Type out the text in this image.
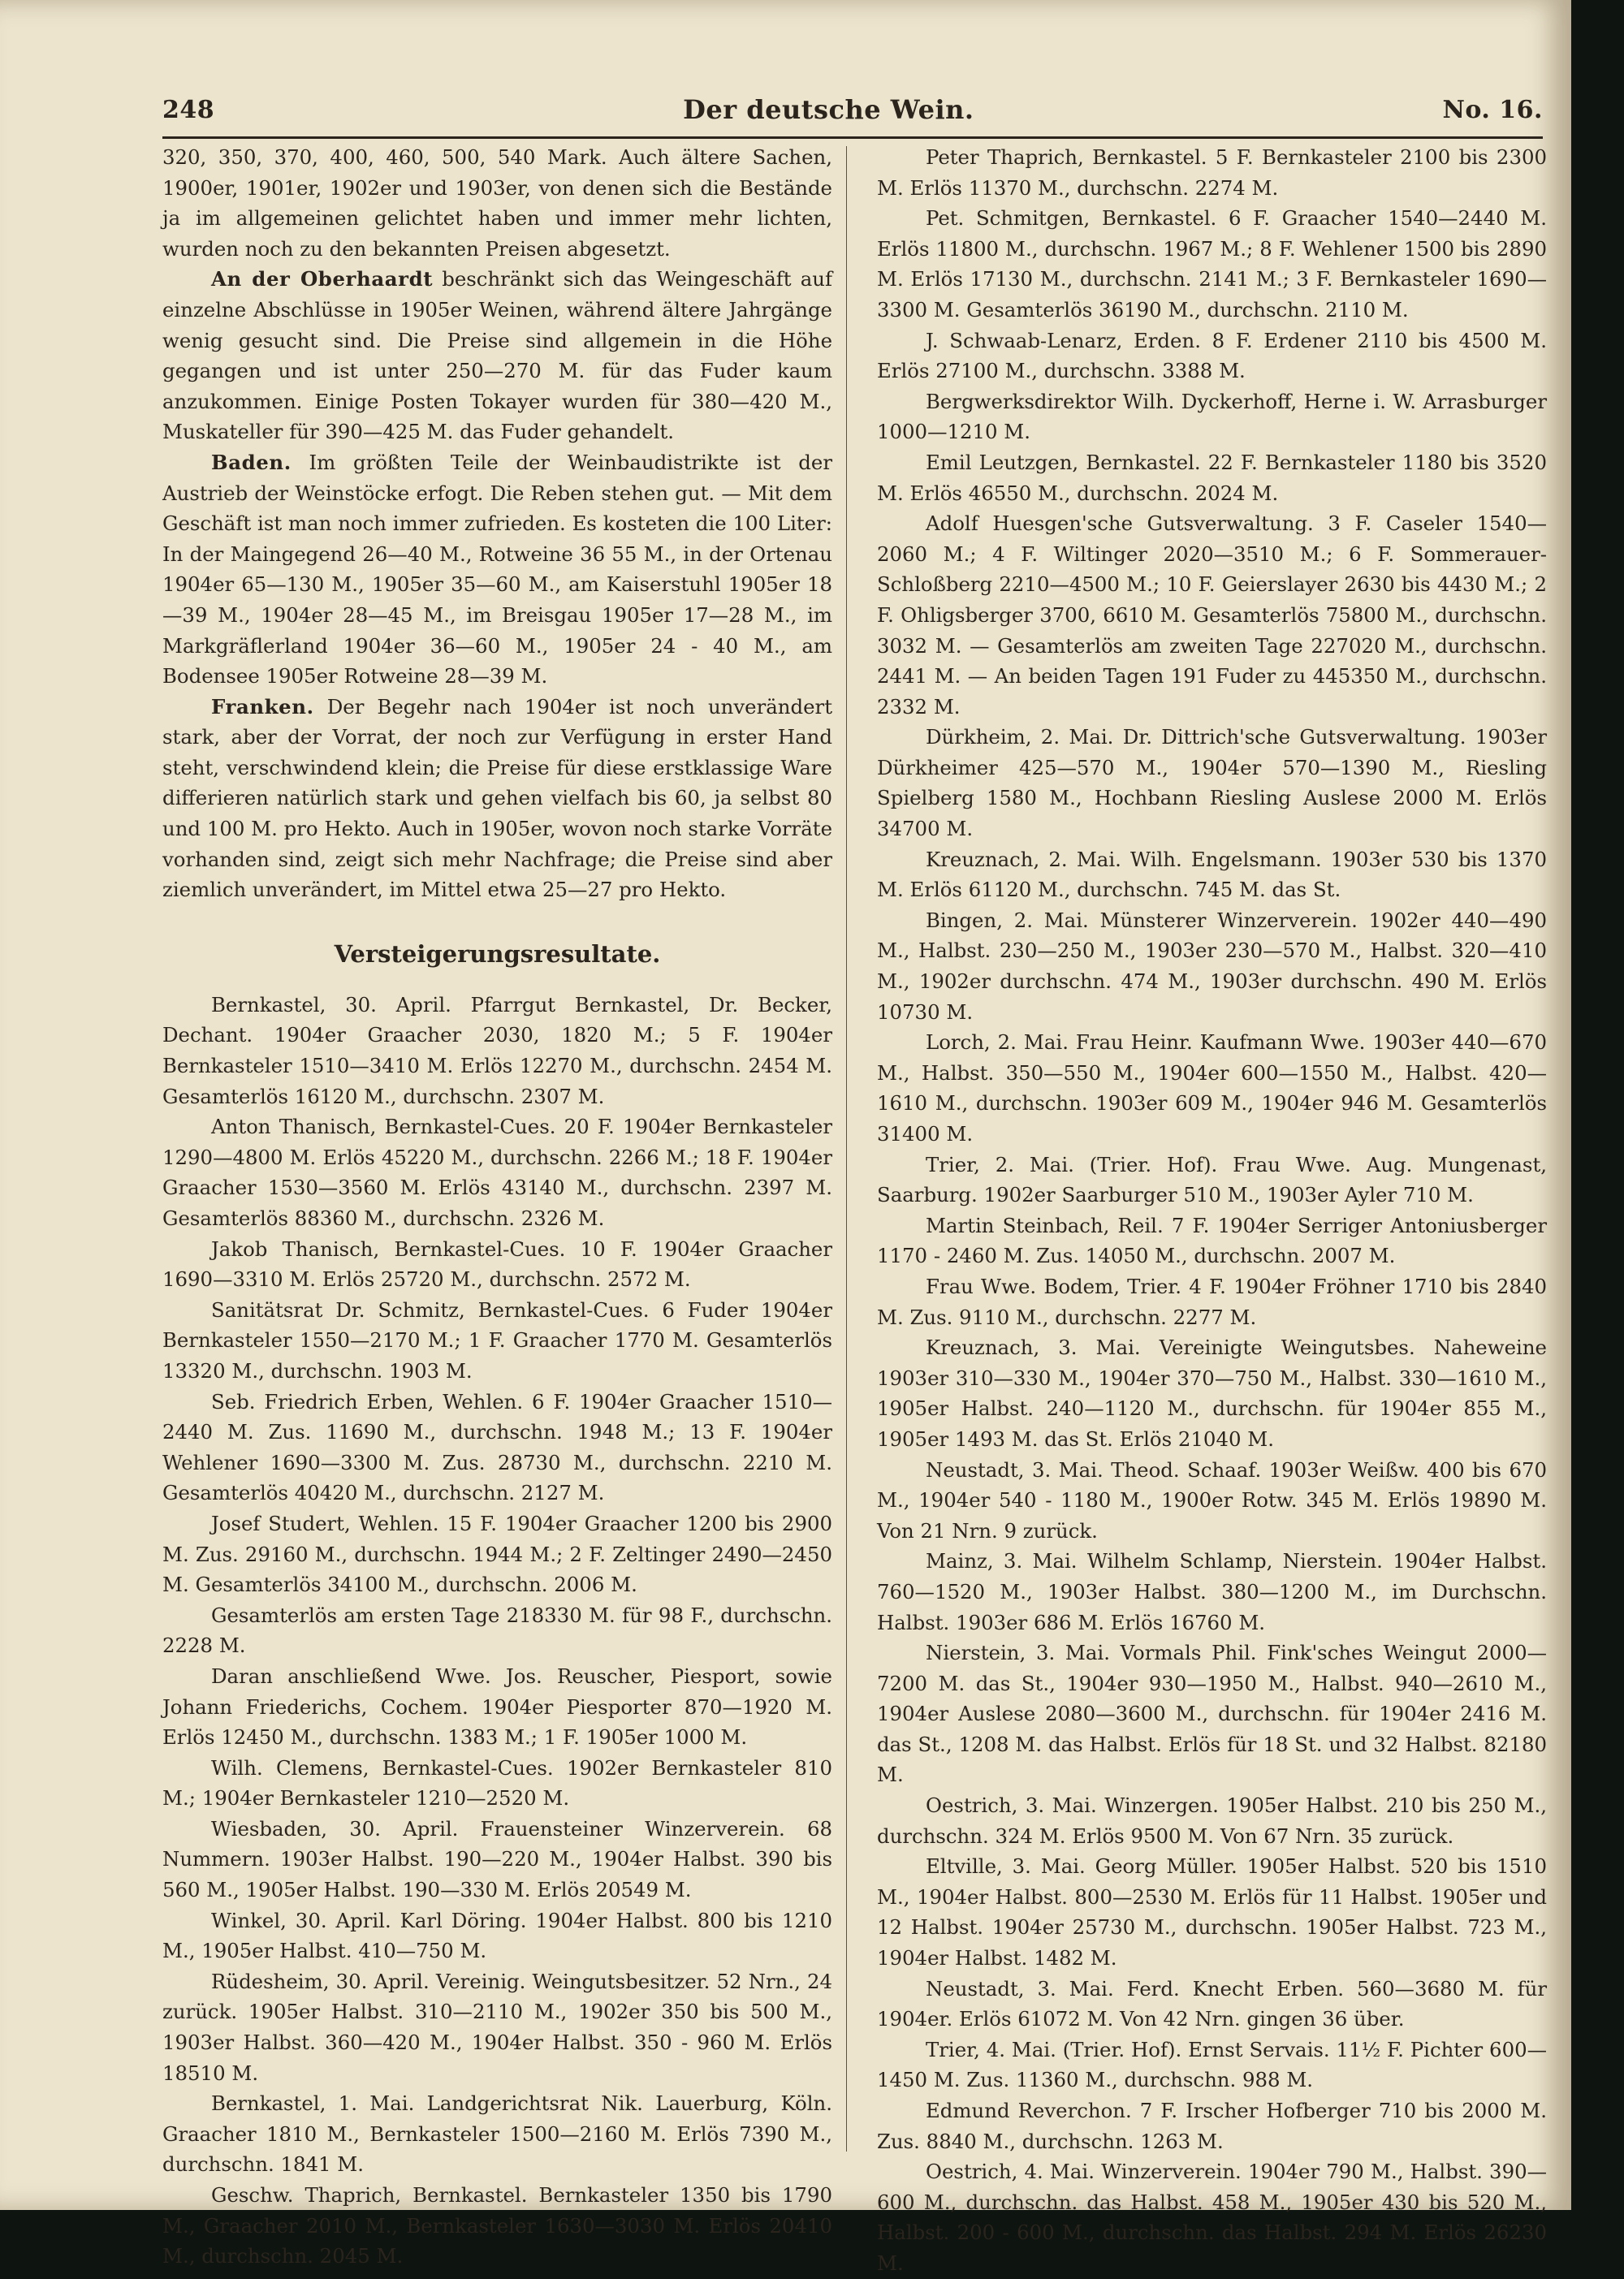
248	Der deutsche Wein.	No. 16.

320, 350, 370, 400, 460, 500, 540 Mark. Auch ältere Sachen, 1900er, 1901er, 1902er und 1903er, von denen sich die Bestände ja im allgemeinen gelichtet haben und immer mehr lichten, wurden noch zu den bekannten Preisen abgesetzt.

An der Oberhaardt beschränkt sich das Weingeschäft auf einzelne Abschlüsse in 1905er Weinen, während ältere Jahrgänge wenig gesucht sind. Die Preise sind allgemein in die Höhe gegangen und ist unter 250—270 M. für das Fuder kaum anzukommen. Einige Posten Tokayer wurden für 380—420 M., Muskateller für 390—425 M. das Fuder gehandelt.

Baden. Im größten Teile der Weinbaudistrikte ist der Austrieb der Weinstöcke erfogt. Die Reben stehen gut. — Mit dem Geschäft ist man noch immer zufrieden. Es kosteten die 100 Liter: In der Maingegend 26—40 M., Rotweine 36 55 M., in der Ortenau 1904er 65—130 M., 1905er 35—60 M., am Kaiserstuhl 1905er 18—39 M., 1904er 28—45 M., im Breisgau 1905er 17—28 M., im Markgräflerland 1904er 36—60 M., 1905er 24 - 40 M., am Bodensee 1905er Rotweine 28—39 M.

Franken. Der Begehr nach 1904er ist noch unverändert stark, aber der Vorrat, der noch zur Verfügung in erster Hand steht, verschwindend klein; die Preise für diese erstklassige Ware differieren natürlich stark und gehen vielfach bis 60, ja selbst 80 und 100 M. pro Hekto. Auch in 1905er, wovon noch starke Vorräte vorhanden sind, zeigt sich mehr Nachfrage; die Preise sind aber ziemlich unverändert, im Mittel etwa 25—27 pro Hekto.

Versteigerungsresultate.

Bernkastel, 30. April. Pfarrgut Bernkastel, Dr. Becker, Dechant. 1904er Graacher 2030, 1820 M.; 5 F. 1904er Bernkasteler 1510—3410 M. Erlös 12270 M., durchschn. 2454 M. Gesamterlös 16120 M., durchschn. 2307 M.

Anton Thanisch, Bernkastel-Cues. 20 F. 1904er Bernkasteler 1290—4800 M. Erlös 45220 M., durchschn. 2266 M.; 18 F. 1904er Graacher 1530—3560 M. Erlös 43140 M., durchschn. 2397 M. Gesamterlös 88360 M., durchschn. 2326 M.

Jakob Thanisch, Bernkastel-Cues. 10 F. 1904er Graacher 1690—3310 M. Erlös 25720 M., durchschn. 2572 M.

Sanitätsrat Dr. Schmitz, Bernkastel-Cues. 6 Fuder 1904er Bernkasteler 1550—2170 M.; 1 F. Graacher 1770 M. Gesamterlös 13320 M., durchschn. 1903 M.

Seb. Friedrich Erben, Wehlen. 6 F. 1904er Graacher 1510—2440 M. Zus. 11690 M., durchschn. 1948 M.; 13 F. 1904er Wehlener 1690—3300 M. Zus. 28730 M., durchschn. 2210 M. Gesamterlös 40420 M., durchschn. 2127 M.

Josef Studert, Wehlen. 15 F. 1904er Graacher 1200 bis 2900 M. Zus. 29160 M., durchschn. 1944 M.; 2 F. Zeltinger 2490—2450 M. Gesamterlös 34100 M., durchschn. 2006 M.

Gesamterlös am ersten Tage 218330 M. für 98 F., durchschn. 2228 M.

Daran anschließend Wwe. Jos. Reuscher, Piesport, sowie Johann Friederichs, Cochem. 1904er Piesporter 870—1920 M. Erlös 12450 M., durchschn. 1383 M.; 1 F. 1905er 1000 M.

Wilh. Clemens, Bernkastel-Cues. 1902er Bernkasteler 810 M.; 1904er Bernkasteler 1210—2520 M.

Wiesbaden, 30. April. Frauensteiner Winzerverein. 68 Nummern. 1903er Halbst. 190—220 M., 1904er Halbst. 390 bis 560 M., 1905er Halbst. 190—330 M. Erlös 20549 M.

Winkel, 30. April. Karl Döring. 1904er Halbst. 800 bis 1210 M., 1905er Halbst. 410—750 M.

Rüdesheim, 30. April. Vereinig. Weingutsbesitzer. 52 Nrn., 24 zurück. 1905er Halbst. 310—2110 M., 1902er 350 bis 500 M., 1903er Halbst. 360—420 M., 1904er Halbst. 350 - 960 M. Erlös 18510 M.

Bernkastel, 1. Mai. Landgerichtsrat Nik. Lauerburg, Köln. Graacher 1810 M., Bernkasteler 1500—2160 M. Erlös 7390 M., durchschn. 1841 M.

Geschw. Thaprich, Bernkastel. Bernkasteler 1350 bis 1790 M., Graacher 2010 M., Bernkasteler 1630—3030 M. Erlös 20410 M., durchschn. 2045 M.

Peter Thaprich, Bernkastel. 5 F. Bernkasteler 2100 bis 2300 M. Erlös 11370 M., durchschn. 2274 M.

Pet. Schmitgen, Bernkastel. 6 F. Graacher 1540—2440 M. Erlös 11800 M., durchschn. 1967 M.; 8 F. Wehlener 1500 bis 2890 M. Erlös 17130 M., durchschn. 2141 M.; 3 F. Bernkasteler 1690—3300 M. Gesamterlös 36190 M., durchschn. 2110 M.

J. Schwaab-Lenarz, Erden. 8 F. Erdener 2110 bis 4500 M. Erlös 27100 M., durchschn. 3388 M.

Bergwerksdirektor Wilh. Dyckerhoff, Herne i. W. Arrasburger 1000—1210 M.

Emil Leutzgen, Bernkastel. 22 F. Bernkasteler 1180 bis 3520 M. Erlös 46550 M., durchschn. 2024 M.

Adolf Huesgen'sche Gutsverwaltung. 3 F. Caseler 1540—2060 M.; 4 F. Wiltinger 2020—3510 M.; 6 F. Sommerauer-Schloßberg 2210—4500 M.; 10 F. Geierslayer 2630 bis 4430 M.; 2 F. Ohligsberger 3700, 6610 M. Gesamterlös 75800 M., durchschn. 3032 M. — Gesamterlös am zweiten Tage 227020 M., durchschn. 2441 M. — An beiden Tagen 191 Fuder zu 445350 M., durchschn. 2332 M.

Dürkheim, 2. Mai. Dr. Dittrich'sche Gutsverwaltung. 1903er Dürkheimer 425—570 M., 1904er 570—1390 M., Riesling Spielberg 1580 M., Hochbann Riesling Auslese 2000 M. Erlös 34700 M.

Kreuznach, 2. Mai. Wilh. Engelsmann. 1903er 530 bis 1370 M. Erlös 61120 M., durchschn. 745 M. das St.

Bingen, 2. Mai. Münsterer Winzerverein. 1902er 440—490 M., Halbst. 230—250 M., 1903er 230—570 M., Halbst. 320—410 M., 1902er durchschn. 474 M., 1903er durchschn. 490 M. Erlös 10730 M.

Lorch, 2. Mai. Frau Heinr. Kaufmann Wwe. 1903er 440—670 M., Halbst. 350—550 M., 1904er 600—1550 M., Halbst. 420—1610 M., durchschn. 1903er 609 M., 1904er 946 M. Gesamterlös 31400 M.

Trier, 2. Mai. (Trier. Hof). Frau Wwe. Aug. Mungenast, Saarburg. 1902er Saarburger 510 M., 1903er Ayler 710 M.

Martin Steinbach, Reil. 7 F. 1904er Serriger Antoniusberger 1170 - 2460 M. Zus. 14050 M., durchschn. 2007 M.

Frau Wwe. Bodem, Trier. 4 F. 1904er Fröhner 1710 bis 2840 M. Zus. 9110 M., durchschn. 2277 M.

Kreuznach, 3. Mai. Vereinigte Weingutsbes. Naheweine 1903er 310—330 M., 1904er 370—750 M., Halbst. 330—1610 M., 1905er Halbst. 240—1120 M., durchschn. für 1904er 855 M., 1905er 1493 M. das St. Erlös 21040 M.

Neustadt, 3. Mai. Theod. Schaaf. 1903er Weißw. 400 bis 670 M., 1904er 540 - 1180 M., 1900er Rotw. 345 M. Erlös 19890 M. Von 21 Nrn. 9 zurück.

Mainz, 3. Mai. Wilhelm Schlamp, Nierstein. 1904er Halbst. 760—1520 M., 1903er Halbst. 380—1200 M., im Durchschn. Halbst. 1903er 686 M. Erlös 16760 M.

Nierstein, 3. Mai. Vormals Phil. Fink'sches Weingut 2000—7200 M. das St., 1904er 930—1950 M., Halbst. 940—2610 M., 1904er Auslese 2080—3600 M., durchschn. für 1904er 2416 M. das St., 1208 M. das Halbst. Erlös für 18 St. und 32 Halbst. 82180 M.

Oestrich, 3. Mai. Winzergen. 1905er Halbst. 210 bis 250 M., durchschn. 324 M. Erlös 9500 M. Von 67 Nrn. 35 zurück.

Eltville, 3. Mai. Georg Müller. 1905er Halbst. 520 bis 1510 M., 1904er Halbst. 800—2530 M. Erlös für 11 Halbst. 1905er und 12 Halbst. 1904er 25730 M., durchschn. 1905er Halbst. 723 M., 1904er Halbst. 1482 M.

Neustadt, 3. Mai. Ferd. Knecht Erben. 560—3680 M. für 1904er. Erlös 61072 M. Von 42 Nrn. gingen 36 über.

Trier, 4. Mai. (Trier. Hof). Ernst Servais. 11½ F. Pichter 600—1450 M. Zus. 11360 M., durchschn. 988 M.

Edmund Reverchon. 7 F. Irscher Hofberger 710 bis 2000 M. Zus. 8840 M., durchschn. 1263 M.

Oestrich, 4. Mai. Winzerverein. 1904er 790 M., Halbst. 390—600 M., durchschn. das Halbst. 458 M., 1905er 430 bis 520 M., Halbst. 200 - 600 M., durchschn. das Halbst. 294 M. Erlös 26230 M.
